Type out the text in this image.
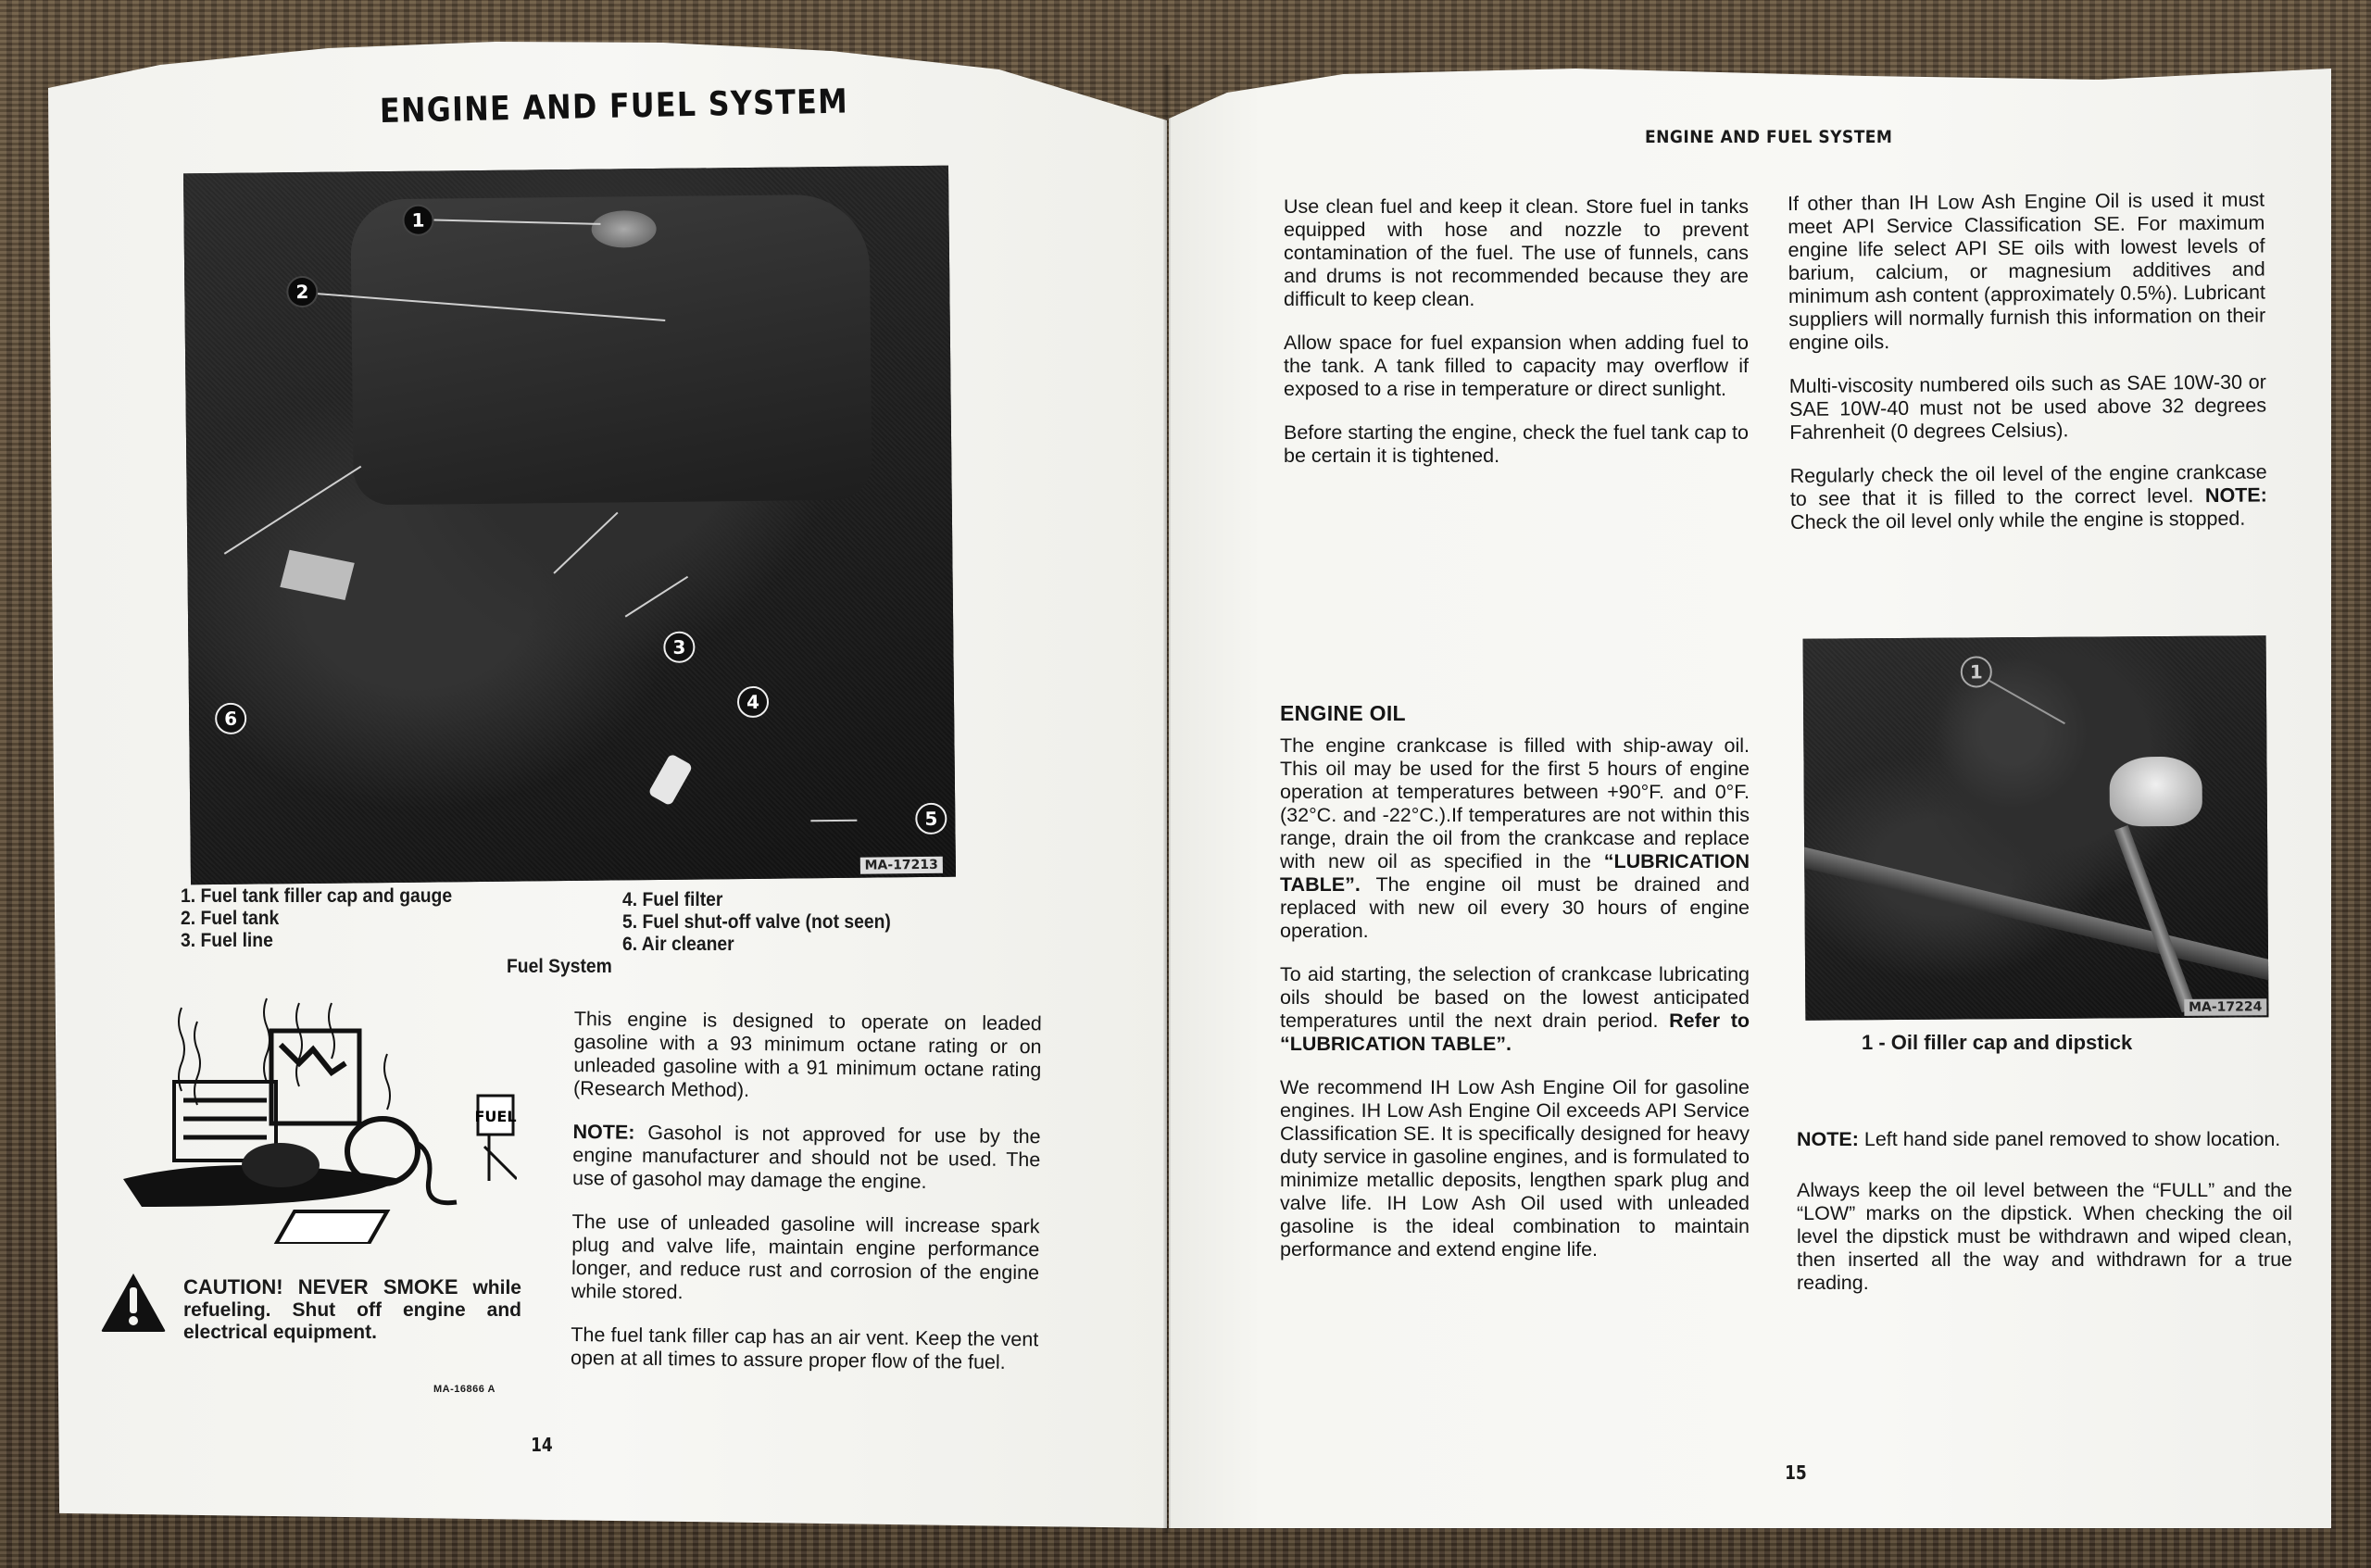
ENGINE AND FUEL SYSTEM
1
2
3
4
5
6
MA-17213
1. Fuel tank filler cap and gauge
2. Fuel tank
3. Fuel line
4. Fuel filter
5. Fuel shut-off valve (not seen)
6. Air cleaner
Fuel System
FUEL
CAUTION! NEVER SMOKE while refueling. Shut off engine and electrical equipment.
MA-16866 A

This engine is designed to operate on leaded gasoline with a 93 minimum octane rating or on unleaded gasoline with a 91 minimum octane rating (Research Method).

NOTE: Gasohol is not approved for use by the engine manufacturer and should not be used. The use of gasohol may damage the engine.

The use of unleaded gasoline will increase spark plug and valve life, maintain engine performance longer, and reduce rust and corrosion of the engine while stored.

The fuel tank filler cap has an air vent. Keep the vent open at all times to assure proper flow of the fuel.

14
ENGINE AND FUEL SYSTEM

Use clean fuel and keep it clean. Store fuel in tanks equipped with hose and nozzle to prevent contamination of the fuel. The use of funnels, cans and drums is not recommended because they are difficult to keep clean.

Allow space for fuel expansion when adding fuel to the tank. A tank filled to capacity may overflow if exposed to a rise in temperature or direct sunlight.

Before starting the engine, check the fuel tank cap to be certain it is tightened.

ENGINE OIL

The engine crankcase is filled with ship-away oil. This oil may be used for the first 5 hours of engine operation at temperatures between +90°F. and 0°F. (32°C. and -22°C.).If temperatures are not within this range, drain the oil from the crankcase and replace with new oil as specified in the “LUBRICATION TABLE”. The engine oil must be drained and replaced with new oil every 30 hours of engine operation.

To aid starting, the selection of crankcase lubricating oils should be based on the lowest anticipated temperatures until the next drain period. Refer to “LUBRICATION TABLE”.

We recommend IH Low Ash Engine Oil for gasoline engines. IH Low Ash Engine Oil exceeds API Service Classification SE. It is specifically designed for heavy duty service in gasoline engines, and is formulated to minimize metallic deposits, lengthen spark plug and valve life. IH Low Ash Oil used with unleaded gasoline is the ideal combination to maintain performance and extend engine life.

If other than IH Low Ash Engine Oil is used it must meet API Service Classification SE. For maximum engine life select API SE oils with lowest levels of barium, calcium, or magnesium additives and minimum ash content (approximately 0.5%). Lubricant suppliers will normally furnish this information on their engine oils.

Multi-viscosity numbered oils such as SAE 10W-30 or SAE 10W-40 must not be used above 32 degrees Fahrenheit (0 degrees Celsius).

Regularly check the oil level of the engine crankcase to see that it is filled to the correct level. NOTE: Check the oil level only while the engine is stopped.

1
MA-17224
1 - Oil filler cap and dipstick

NOTE: Left hand side panel removed to show location.

Always keep the oil level between the “FULL” and the “LOW” marks on the dipstick. When checking the oil level the dipstick must be withdrawn and wiped clean, then inserted all the way and withdrawn for a true reading.

15
